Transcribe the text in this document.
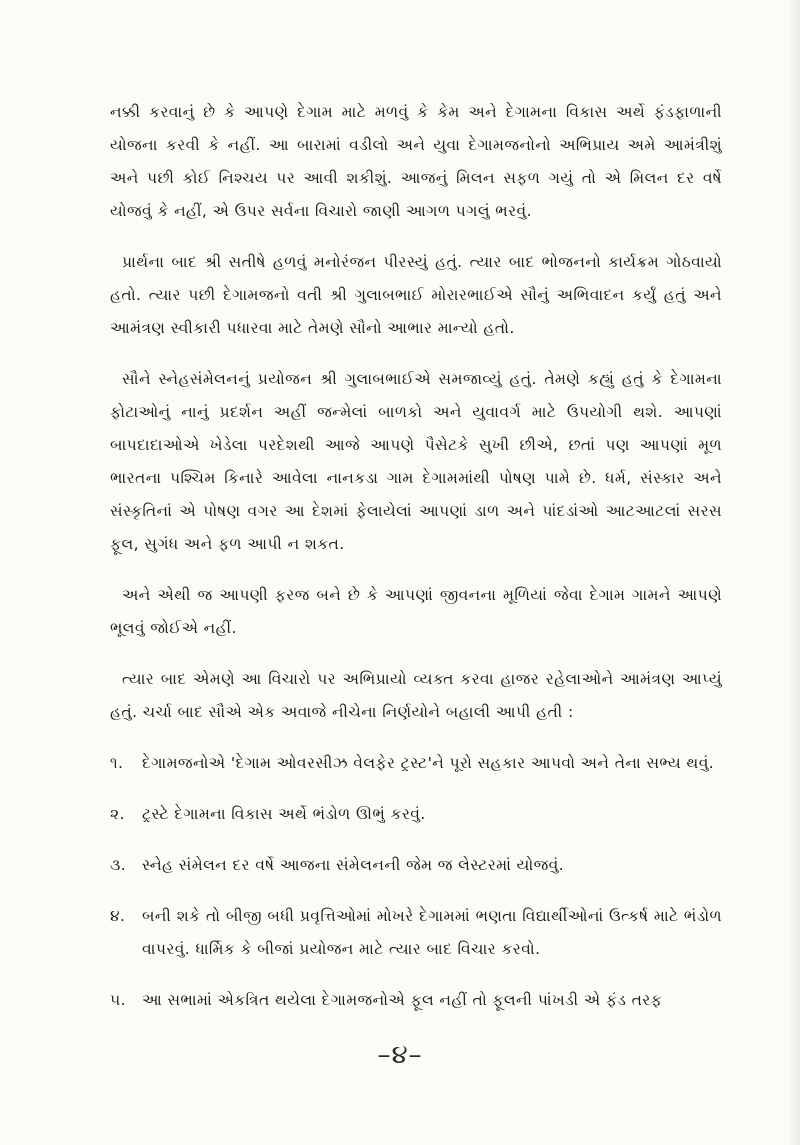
નક્કી કરવાનું છે કે આપણે દેગામ માટે મળવું કે કેમ અને દેગામના વિકાસ અર્થે ફંડફાળાની યોજના કરવી કે નહીં. આ બારામાં વડીલો અને યુવા દેગામજનોનો અભિપ્રાય અમે આમંત્રીશું અને પછી કોઈ નિશ્ચય પર આવી શકીશું. આજનું મિલન સફળ ગયું તો એ મિલન દર વર્ષે યોજવું કે નહીં, એ ઉપર સર્વના વિચારો જાણી આગળ પગલું ભરવું.

પ્રાર્થના બાદ શ્રી સતીષે હળવું મનોરંજન પીરસ્યું હતું. ત્યાર બાદ ભોજનનો કાર્યક્રમ ગોઠવાયો હતો. ત્યાર પછી દેગામજનો વતી શ્રી ગુલાબભાઈ મોરારભાઈએ સૌનું અભિવાદન કર્યું હતું અને આમંત્રણ સ્વીકારી પધારવા માટે તેમણે સૌનો આભાર માન્યો હતો.

સૌને સ્નેહસંમેલનનું પ્રયોજન શ્રી ગુલાબભાઈએ સમજાવ્યું હતું. તેમણે કહ્યું હતું કે દેગામના ફોટાઓનું નાનું પ્રદર્શન અહીં જન્મેલાં બાળકો અને યુવાવર્ગ માટે ઉપયોગી થશે. આપણાં બાપદાદાઓએ ખેડેલા પરદેશથી આજે આપણે પૈસેટકે સુખી છીએ, છતાં પણ આપણાં મૂળ ભારતના પશ્ચિમ કિનારે આવેલા નાનકડા ગામ દેગામમાંથી પોષણ પામે છે. ધર્મ, સંસ્કાર અને સંસ્કૃતિનાં એ પોષણ વગર આ દેશમાં ફેલાયેલાં આપણાં ડાળ અને પાંદડાંઓ આટઆટલાં સરસ ફૂલ, સુગંધ અને ફળ આપી ન શકત.

અને એથી જ આપણી ફરજ બને છે કે આપણાં જીવનના મૂળિયાં જેવા દેગામ ગામને આપણે ભૂલવું જોઈએ નહીં.

ત્યાર બાદ એમણે આ વિચારો પર અભિપ્રાયો વ્યક્ત કરવા હાજર રહેલાઓને આમંત્રણ આપ્યું હતું. ચર્ચા બાદ સૌએ એક અવાજે નીચેના નિર્ણયોને બહાલી આપી હતી :

૧.	દેગામજનોએ 'દેગામ ઓવરસીઝ વેલફેર ટ્રસ્ટ'ને પૂરો સહકાર આપવો અને તેના સભ્ય થવું.
૨.	ટ્રસ્ટે દેગામના વિકાસ અર્થે ભંડોળ ઊભું કરવું.
૩.	સ્નેહ સંમેલન દર વર્ષે આજના સંમેલનની જેમ જ લેસ્ટરમાં યોજવું.
૪.	બની શકે તો બીજી બધી પ્રવૃત્તિઓમાં મોખરે દેગામમાં ભણતા વિદ્યાર્થીઓનાં ઉત્કર્ષ માટે ભંડોળ વાપરવું. ધાર્મિક કે બીજાં પ્રયોજન માટે ત્યાર બાદ વિચાર કરવો.
૫.	આ સભામાં એકત્રિત થયેલા દેગામજનોએ ફૂલ નહીં તો ફૂલની પાંખડી એ ફંડ તરફ
–૪–
